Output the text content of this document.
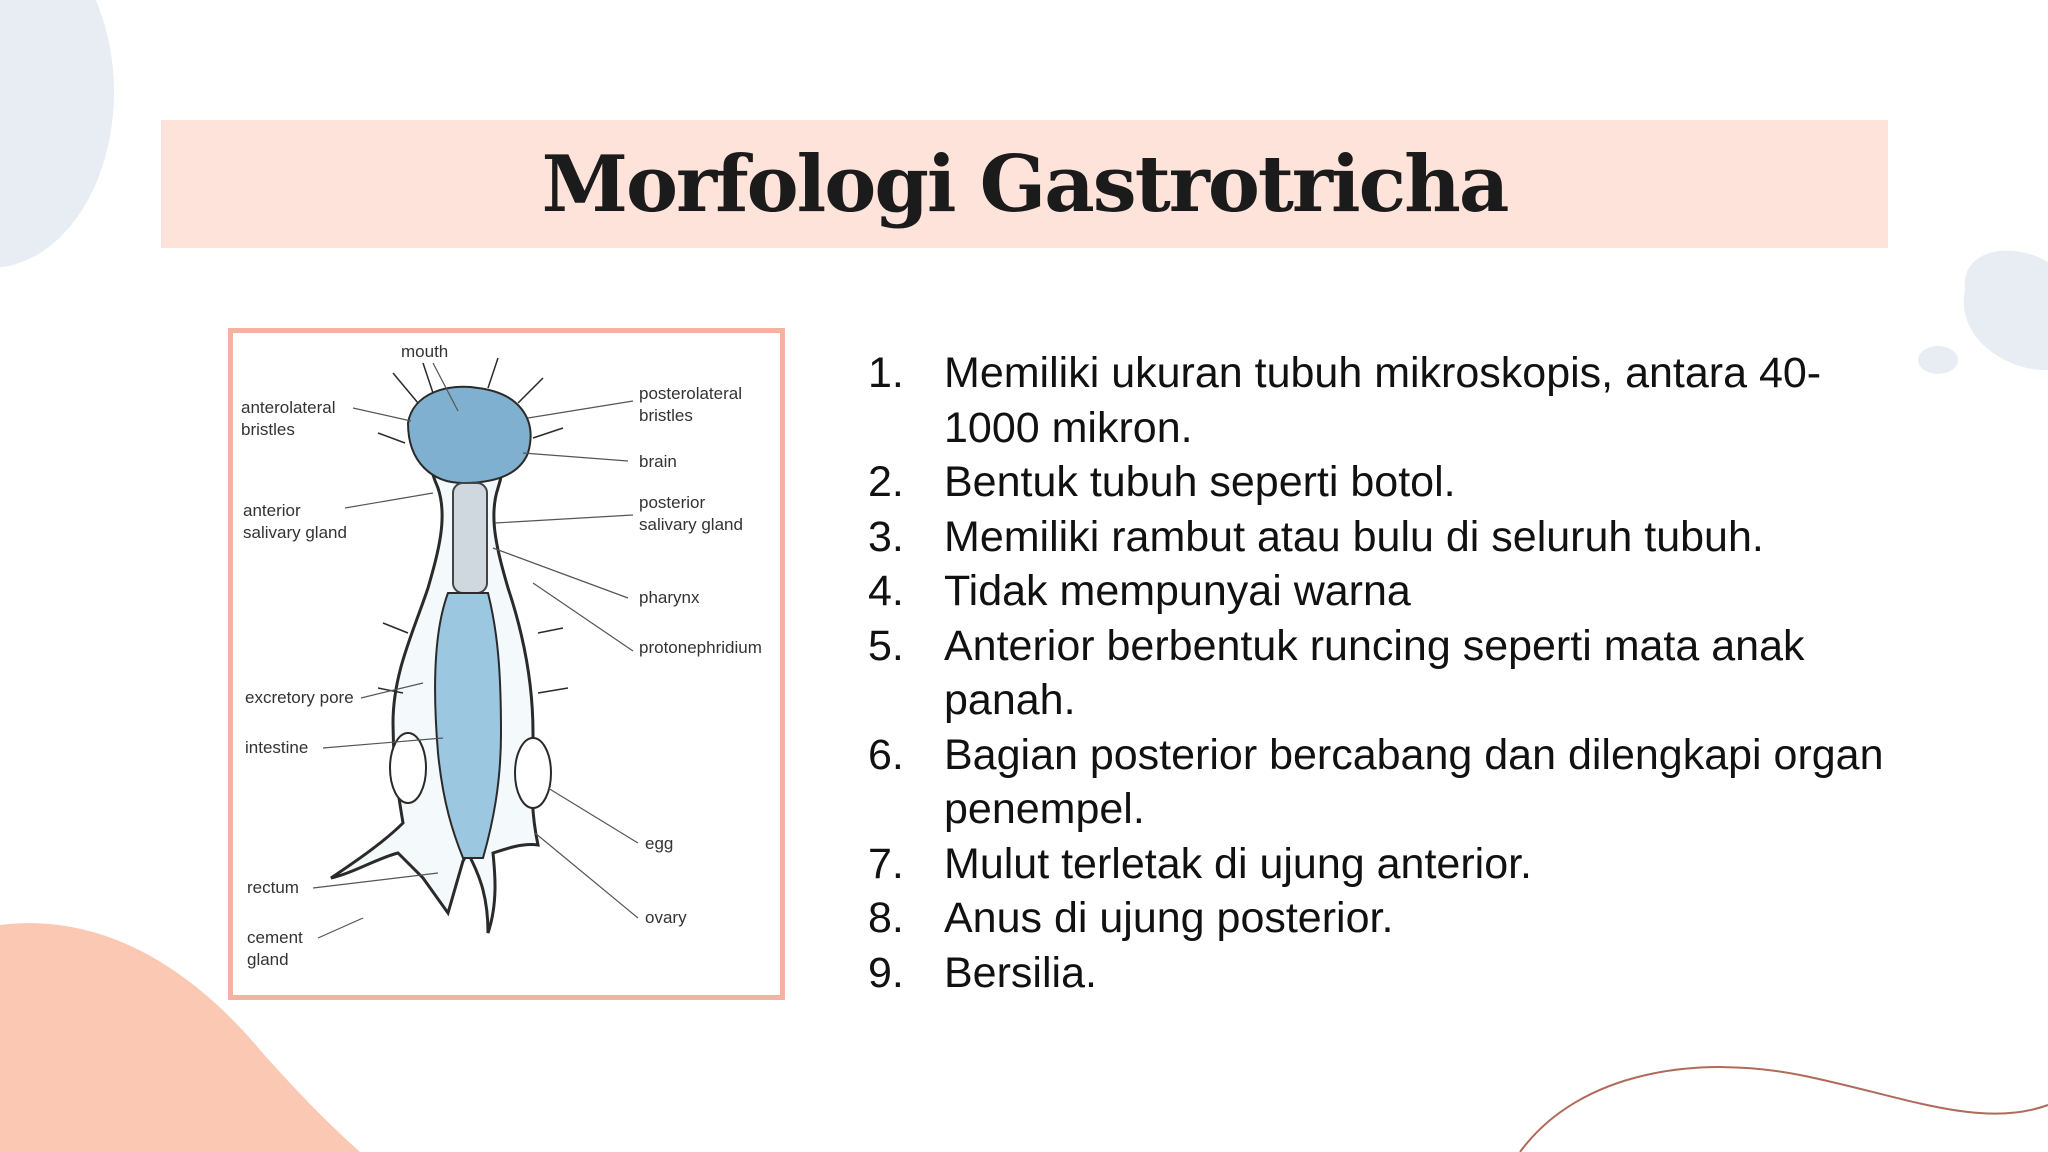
Morfologi Gastrotricha
mouth
anterolateral
bristles
posterolateral
bristles
brain
anterior
salivary gland
posterior
salivary gland
pharynx
protonephridium
excretory pore
intestine
egg
rectum
ovary
cement
gland
1. Memiliki ukuran tubuh mikroskopis, antara 40-1000 mikron.
2. Bentuk tubuh seperti botol.
3. Memiliki rambut atau bulu di seluruh tubuh.
4. Tidak mempunyai warna
5. Anterior berbentuk runcing seperti mata anak panah.
6. Bagian posterior bercabang dan dilengkapi organ penempel.
7. Mulut terletak di ujung anterior.
8. Anus di ujung posterior.
9. Bersilia.
